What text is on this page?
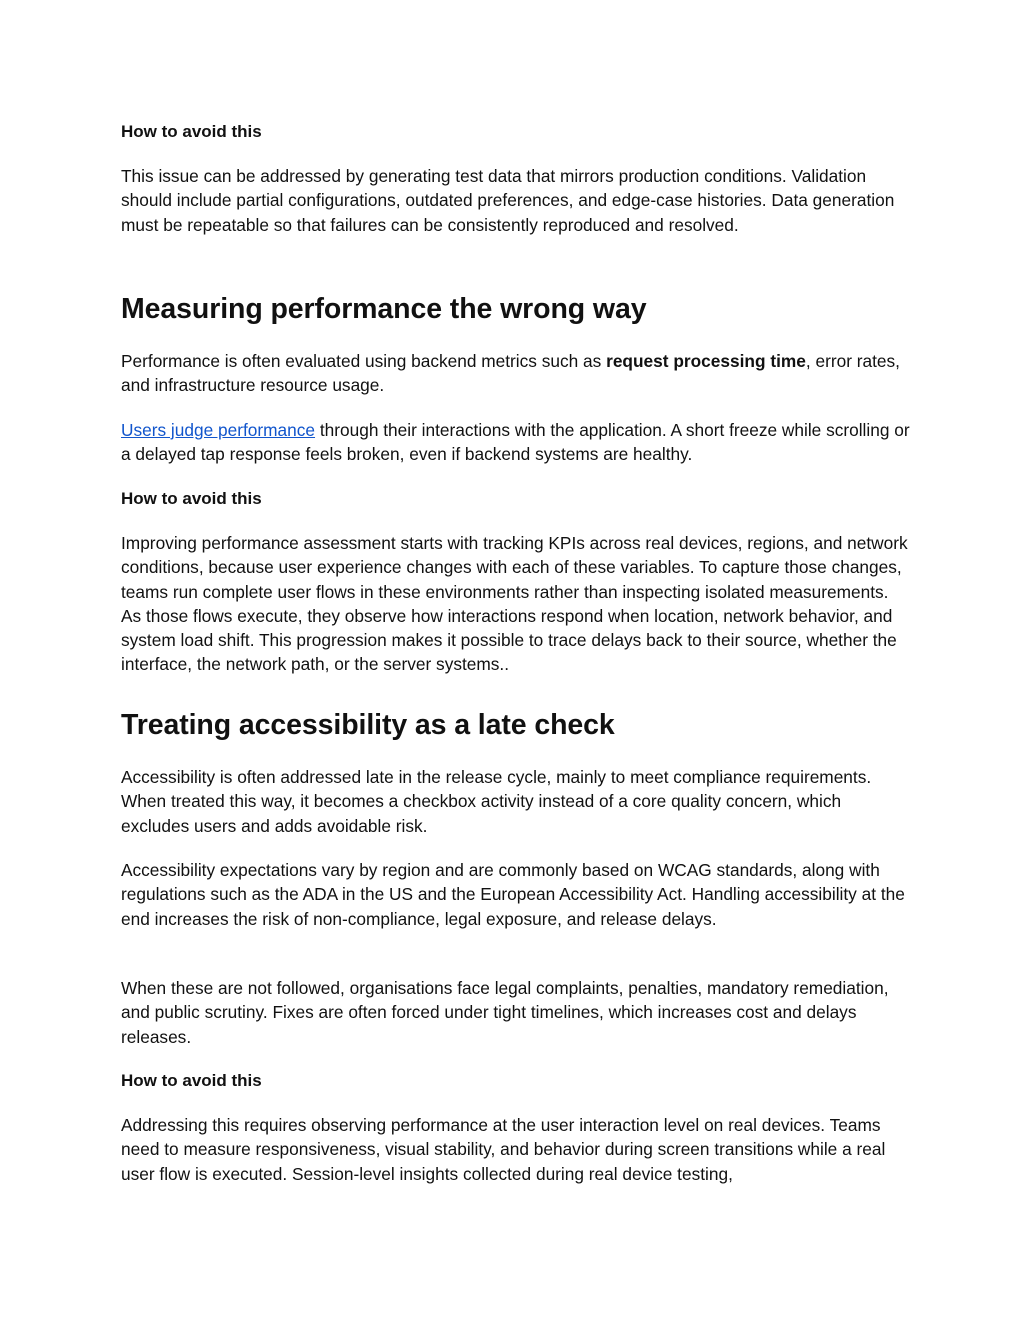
How to avoid this

This issue can be addressed by generating test data that mirrors production conditions. Validation should include partial configurations, outdated preferences, and edge-case histories. Data generation must be repeatable so that failures can be consistently reproduced and resolved.

Measuring performance the wrong way

Performance is often evaluated using backend metrics such as request processing time, error rates, and infrastructure resource usage.

Users judge performance through their interactions with the application. A short freeze while scrolling or a delayed tap response feels broken, even if backend systems are healthy.

How to avoid this

Improving performance assessment starts with tracking KPIs across real devices, regions, and network conditions, because user experience changes with each of these variables. To capture those changes, teams run complete user flows in these environments rather than inspecting isolated measurements. As those flows execute, they observe how interactions respond when location, network behavior, and system load shift. This progression makes it possible to trace delays back to their source, whether the interface, the network path, or the server systems..

Treating accessibility as a late check

Accessibility is often addressed late in the release cycle, mainly to meet compliance requirements. When treated this way, it becomes a checkbox activity instead of a core quality concern, which excludes users and adds avoidable risk.

Accessibility expectations vary by region and are commonly based on WCAG standards, along with regulations such as the ADA in the US and the European Accessibility Act. Handling accessibility at the end increases the risk of non-compliance, legal exposure, and release delays.

When these are not followed, organisations face legal complaints, penalties, mandatory remediation, and public scrutiny. Fixes are often forced under tight timelines, which increases cost and delays releases.

How to avoid this

Addressing this requires observing performance at the user interaction level on real devices. Teams need to measure responsiveness, visual stability, and behavior during screen transitions while a real user flow is executed. Session-level insights collected during real device testing,
